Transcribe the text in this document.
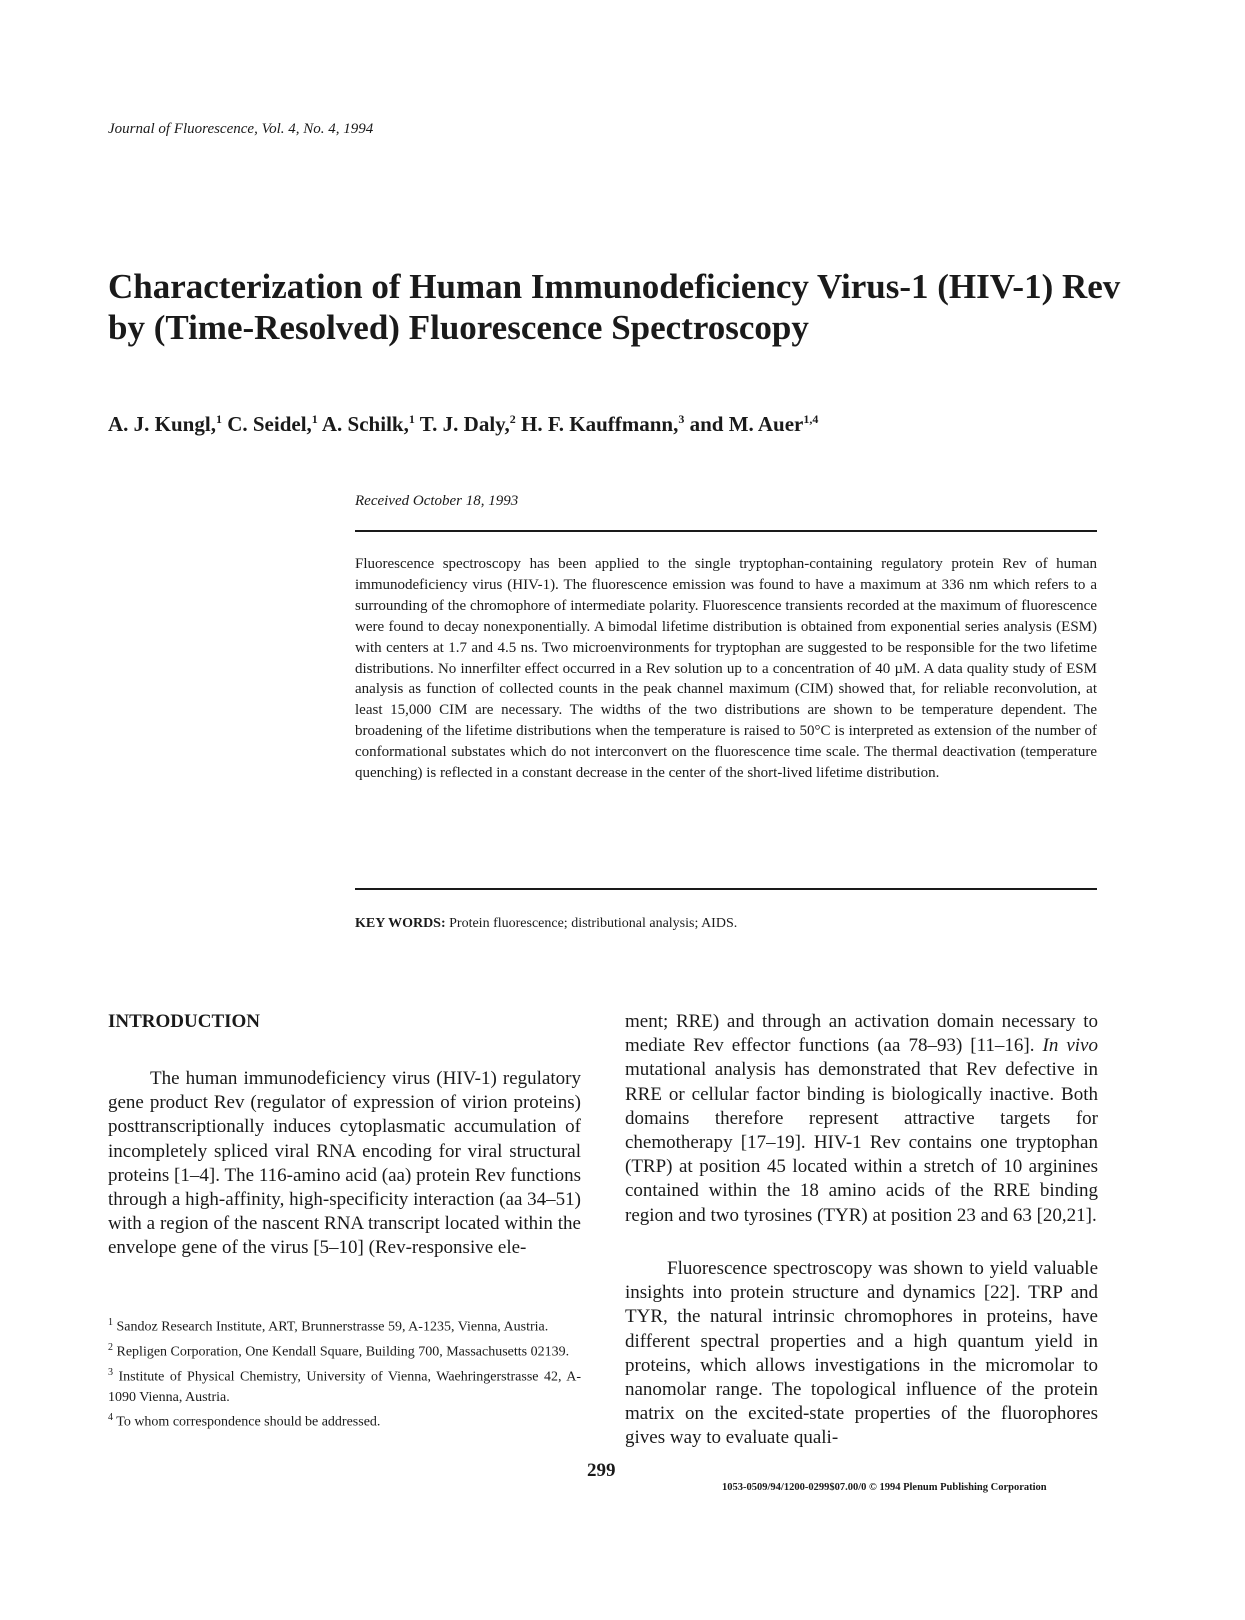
Journal of Fluorescence, Vol. 4, No. 4, 1994
Characterization of Human Immunodeficiency Virus-1 (HIV-1) Rev by (Time-Resolved) Fluorescence Spectroscopy
A. J. Kungl,$^1$ C. Seidel,$^1$ A. Schilk,$^1$ T. J. Daly,$^2$ H. F. Kauffmann,$^3$ and M. Auer$^{1,4}$
Received October 18, 1993

Fluorescence spectroscopy has been applied to the single tryptophan-containing regulatory protein Rev of human immunodeficiency virus (HIV-1). The fluorescence emission was found to have a maximum at 336 nm which refers to a surrounding of the chromophore of intermediate polarity. Fluorescence transients recorded at the maximum of fluorescence were found to decay nonexponentially. A bimodal lifetime distribution is obtained from exponential series analysis (ESM) with centers at 1.7 and 4.5 ns. Two microenvironments for tryptophan are suggested to be responsible for the two lifetime distributions. No innerfilter effect occurred in a Rev solution up to a concentration of 40 µM. A data quality study of ESM analysis as function of collected counts in the peak channel maximum (CIM) showed that, for reliable reconvolution, at least 15,000 CIM are necessary. The widths of the two distributions are shown to be temperature dependent. The broadening of the lifetime distributions when the temperature is raised to 50°C is interpreted as extension of the number of conformational substates which do not interconvert on the fluorescence time scale. The thermal deactivation (temperature quenching) is reflected in a constant decrease in the center of the short-lived lifetime distribution.

KEY WORDS: Protein fluorescence; distributional analysis; AIDS.
INTRODUCTION

The human immunodeficiency virus (HIV-1) regulatory gene product Rev (regulator of expression of virion proteins) posttranscriptionally induces cytoplasmatic accumulation of incompletely spliced viral RNA encoding for viral structural proteins [1–4]. The 116-amino acid (aa) protein Rev functions through a high-affinity, high-specificity interaction (aa 34–51) with a region of the nascent RNA transcript located within the envelope gene of the virus [5–10] (Rev-responsive ele-

ment; RRE) and through an activation domain necessary to mediate Rev effector functions (aa 78–93) [11–16]. In vivo mutational analysis has demonstrated that Rev defective in RRE or cellular factor binding is biologically inactive. Both domains therefore represent attractive targets for chemotherapy [17–19]. HIV-1 Rev contains one tryptophan (TRP) at position 45 located within a stretch of 10 arginines contained within the 18 amino acids of the RRE binding region and two tyrosines (TYR) at position 23 and 63 [20,21].

Fluorescence spectroscopy was shown to yield valuable insights into protein structure and dynamics [22]. TRP and TYR, the natural intrinsic chromophores in proteins, have different spectral properties and a high quantum yield in proteins, which allows investigations in the micromolar to nanomolar range. The topological influence of the protein matrix on the excited-state properties of the fluorophores gives way to evaluate quali-

$^1$ Sandoz Research Institute, ART, Brunnerstrasse 59, A-1235, Vienna, Austria.
$^2$ Repligen Corporation, One Kendall Square, Building 700, Massachusetts 02139.
$^3$ Institute of Physical Chemistry, University of Vienna, Waehringerstrasse 42, A-1090 Vienna, Austria.
$^4$ To whom correspondence should be addressed.
299
1053-0509/94/1200-0299$07.00/0 © 1994 Plenum Publishing Corporation
